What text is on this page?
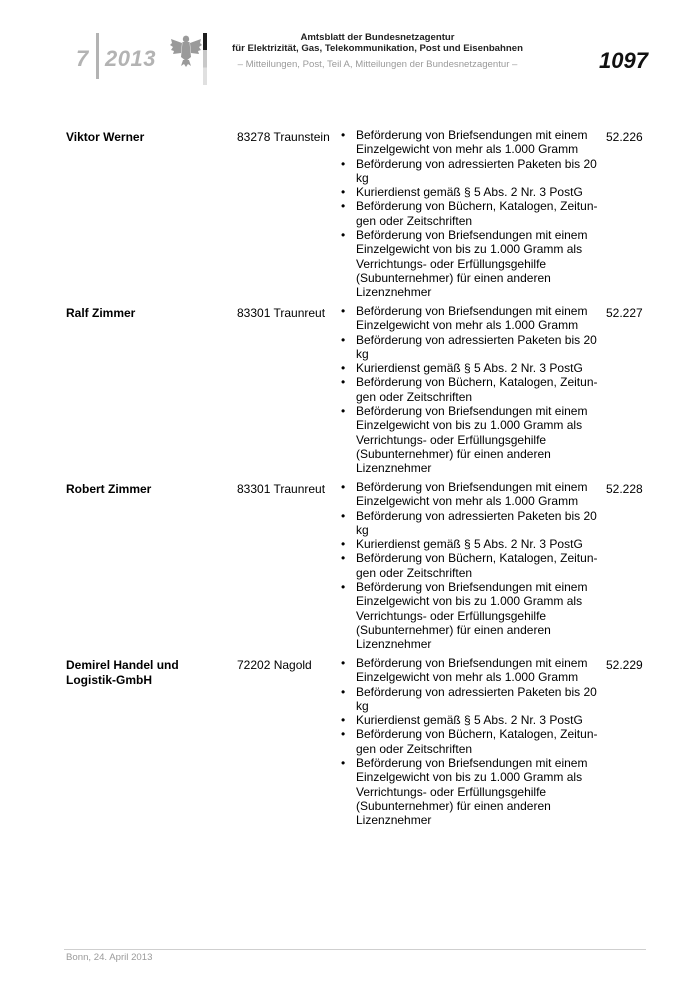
7 2013
Amtsblatt der Bundesnetzagentur
für Elektrizität, Gas, Telekommunikation, Post und Eisenbahnen
– Mitteilungen, Post, Teil A, Mitteilungen der Bundesnetzagentur –	1097
Viktor Werner	83278 Traunstein • Beförderung von Briefsendungen mit einem Einzelgewicht von mehr als 1.000 Gramm
• Beförderung von adressierten Paketen bis 20 kg
• Kurierdienst gemäß § 5 Abs. 2 Nr. 3 PostG
• Beförderung von Büchern, Katalogen, Zeitungen oder Zeitschriften
• Beförderung von Briefsendungen mit einem Einzelgewicht von bis zu 1.000 Gramm als Verrichtungs- oder Erfüllungsgehilfe (Subunternehmer) für einen anderen Lizenznehmer
52.226
Ralf Zimmer	83301 Traunreut	• Beförderung von Briefsendungen mit einem Einzelgewicht von mehr als 1.000 Gramm
• Beförderung von adressierten Paketen bis 20 kg
• Kurierdienst gemäß § 5 Abs. 2 Nr. 3 PostG
• Beförderung von Büchern, Katalogen, Zeitungen oder Zeitschriften
• Beförderung von Briefsendungen mit einem Einzelgewicht von bis zu 1.000 Gramm als Verrichtungs- oder Erfüllungsgehilfe (Subunternehmer) für einen anderen Lizenznehmer
52.227
Robert Zimmer	83301 Traunreut	• Beförderung von Briefsendungen mit einem Einzelgewicht von mehr als 1.000 Gramm
• Beförderung von adressierten Paketen bis 20 kg
• Kurierdienst gemäß § 5 Abs. 2 Nr. 3 PostG
• Beförderung von Büchern, Katalogen, Zeitungen oder Zeitschriften
• Beförderung von Briefsendungen mit einem Einzelgewicht von bis zu 1.000 Gramm als Verrichtungs- oder Erfüllungsgehilfe (Subunternehmer) für einen anderen Lizenznehmer
52.228
Demirel Handel und Logistik-GmbH
72202 Nagold	• Beförderung von Briefsendungen mit einem Einzelgewicht von mehr als 1.000 Gramm
• Beförderung von adressierten Paketen bis 20 kg
• Kurierdienst gemäß § 5 Abs. 2 Nr. 3 PostG
• Beförderung von Büchern, Katalogen, Zeitungen oder Zeitschriften
• Beförderung von Briefsendungen mit einem Einzelgewicht von bis zu 1.000 Gramm als Verrichtungs- oder Erfüllungsgehilfe (Subunternehmer) für einen anderen Lizenznehmer
52.229
Bonn, 24. April 2013
